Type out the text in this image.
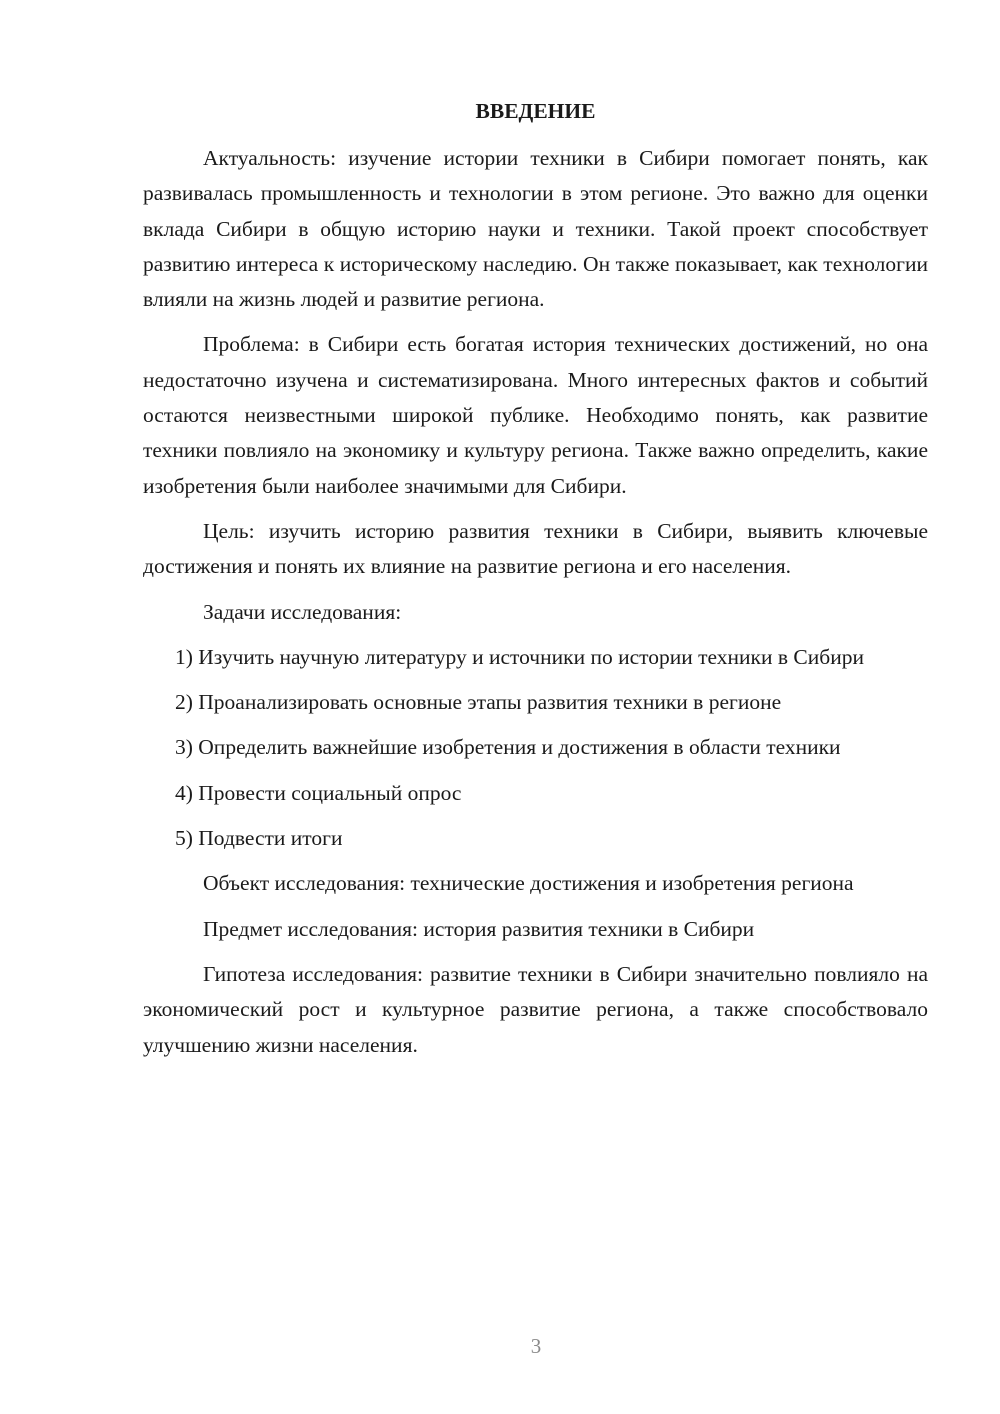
ВВЕДЕНИЕ

Актуальность: изучение истории техники в Сибири помогает понять, как развивалась промышленность и технологии в этом регионе. Это важно для оценки вклада Сибири в общую историю науки и техники. Такой проект способствует развитию интереса к историческому наследию. Он также показывает, как технологии влияли на жизнь людей и развитие региона.

Проблема: в Сибири есть богатая история технических достижений, но она недостаточно изучена и систематизирована. Много интересных фактов и событий остаются неизвестными широкой публике. Необходимо понять, как развитие техники повлияло на экономику и культуру региона. Также важно определить, какие изобретения были наиболее значимыми для Сибири.

Цель: изучить историю развития техники в Сибири, выявить ключевые достижения и понять их влияние на развитие региона и его населения.

Задачи исследования:

1) Изучить научную литературу и источники по истории техники в Сибири

2) Проанализировать основные этапы развития техники в регионе

3) Определить важнейшие изобретения и достижения в области техники

4) Провести социальный опрос

5) Подвести итоги

Объект исследования: технические достижения и изобретения региона

Предмет исследования: история развития техники в Сибири

Гипотеза исследования: развитие техники в Сибири значительно повлияло на экономический рост и культурное развитие региона, а также способствовало улучшению жизни населения.

3
